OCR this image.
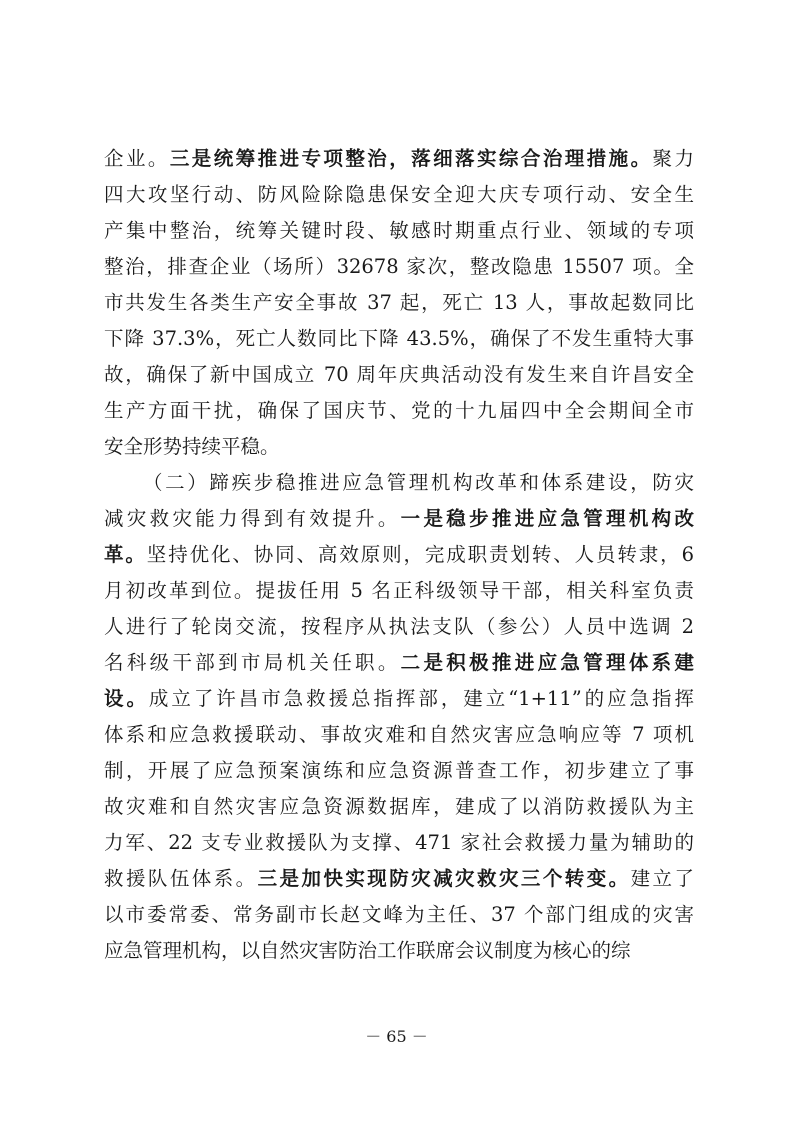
企业。三是统筹推进专项整治，落细落实综合治理措施。聚力
四大攻坚行动、防风险除隐患保安全迎大庆专项行动、安全生
产集中整治，统筹关键时段、敏感时期重点行业、领域的专项
整治，排查企业（场所）32678 家次，整改隐患 15507 项。全
市共发生各类生产安全事故 37 起，死亡 13 人，事故起数同比
下降 37.3%，死亡人数同比下降 43.5%，确保了不发生重特大事
故，确保了新中国成立 70 周年庆典活动没有发生来自许昌安全
生产方面干扰，确保了国庆节、党的十九届四中全会期间全市
安全形势持续平稳。
（二）蹄疾步稳推进应急管理机构改革和体系建设，防灾
减灾救灾能力得到有效提升。一是稳步推进应急管理机构改
革。坚持优化、协同、高效原则，完成职责划转、人员转隶，6
月初改革到位。提拔任用 5 名正科级领导干部，相关科室负责
人进行了轮岗交流，按程序从执法支队（参公）人员中选调 2
名科级干部到市局机关任职。二是积极推进应急管理体系建
设。成立了许昌市急救援总指挥部，建立“1+11”的应急指挥
体系和应急救援联动、事故灾难和自然灾害应急响应等 7 项机
制，开展了应急预案演练和应急资源普查工作，初步建立了事
故灾难和自然灾害应急资源数据库，建成了以消防救援队为主
力军、22 支专业救援队为支撑、471 家社会救援力量为辅助的
救援队伍体系。三是加快实现防灾减灾救灾三个转变。建立了
以市委常委、常务副市长赵文峰为主任、37 个部门组成的灾害
应急管理机构，以自然灾害防治工作联席会议制度为核心的综
－ 65 －
